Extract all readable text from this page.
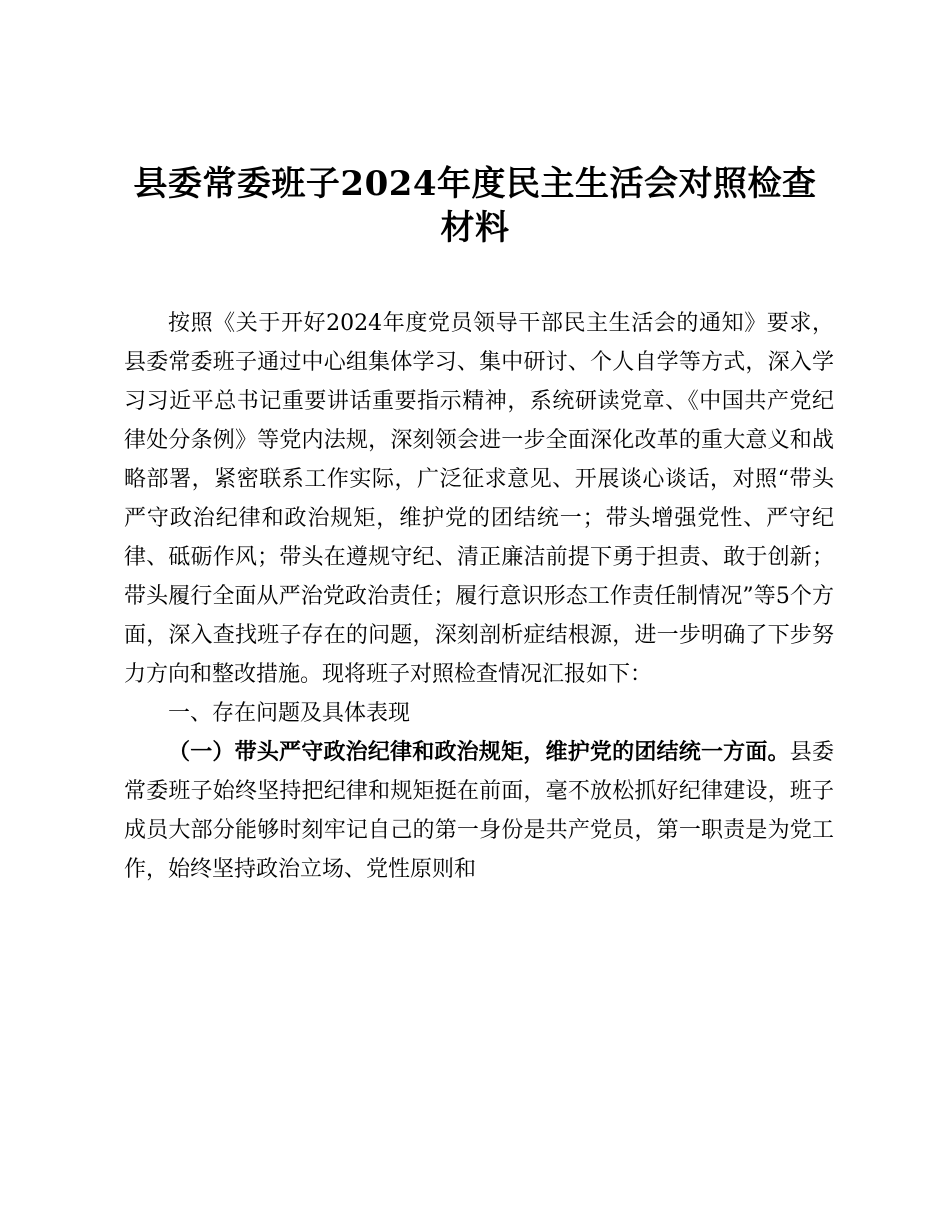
县委常委班子2024年度民主生活会对照检查材料

按照《关于开好2024年度党员领导干部民主生活会的通知》要求，县委常委班子通过中心组集体学习、集中研讨、个人自学等方式，深入学习习近平总书记重要讲话重要指示精神，系统研读党章、《中国共产党纪律处分条例》等党内法规，深刻领会进一步全面深化改革的重大意义和战略部署，紧密联系工作实际，广泛征求意见、开展谈心谈话，对照“带头严守政治纪律和政治规矩，维护党的团结统一；带头增强党性、严守纪律、砥砺作风；带头在遵规守纪、清正廉洁前提下勇于担责、敢于创新；带头履行全面从严治党政治责任；履行意识形态工作责任制情况”等5个方面，深入查找班子存在的问题，深刻剖析症结根源，进一步明确了下步努力方向和整改措施。现将班子对照检查情况汇报如下：

一、存在问题及具体表现

（一）带头严守政治纪律和政治规矩，维护党的团结统一方面。县委常委班子始终坚持把纪律和规矩挺在前面，毫不放松抓好纪律建设，班子成员大部分能够时刻牢记自己的第一身份是共产党员，第一职责是为党工作，始终坚持政治立场、党性原则和
